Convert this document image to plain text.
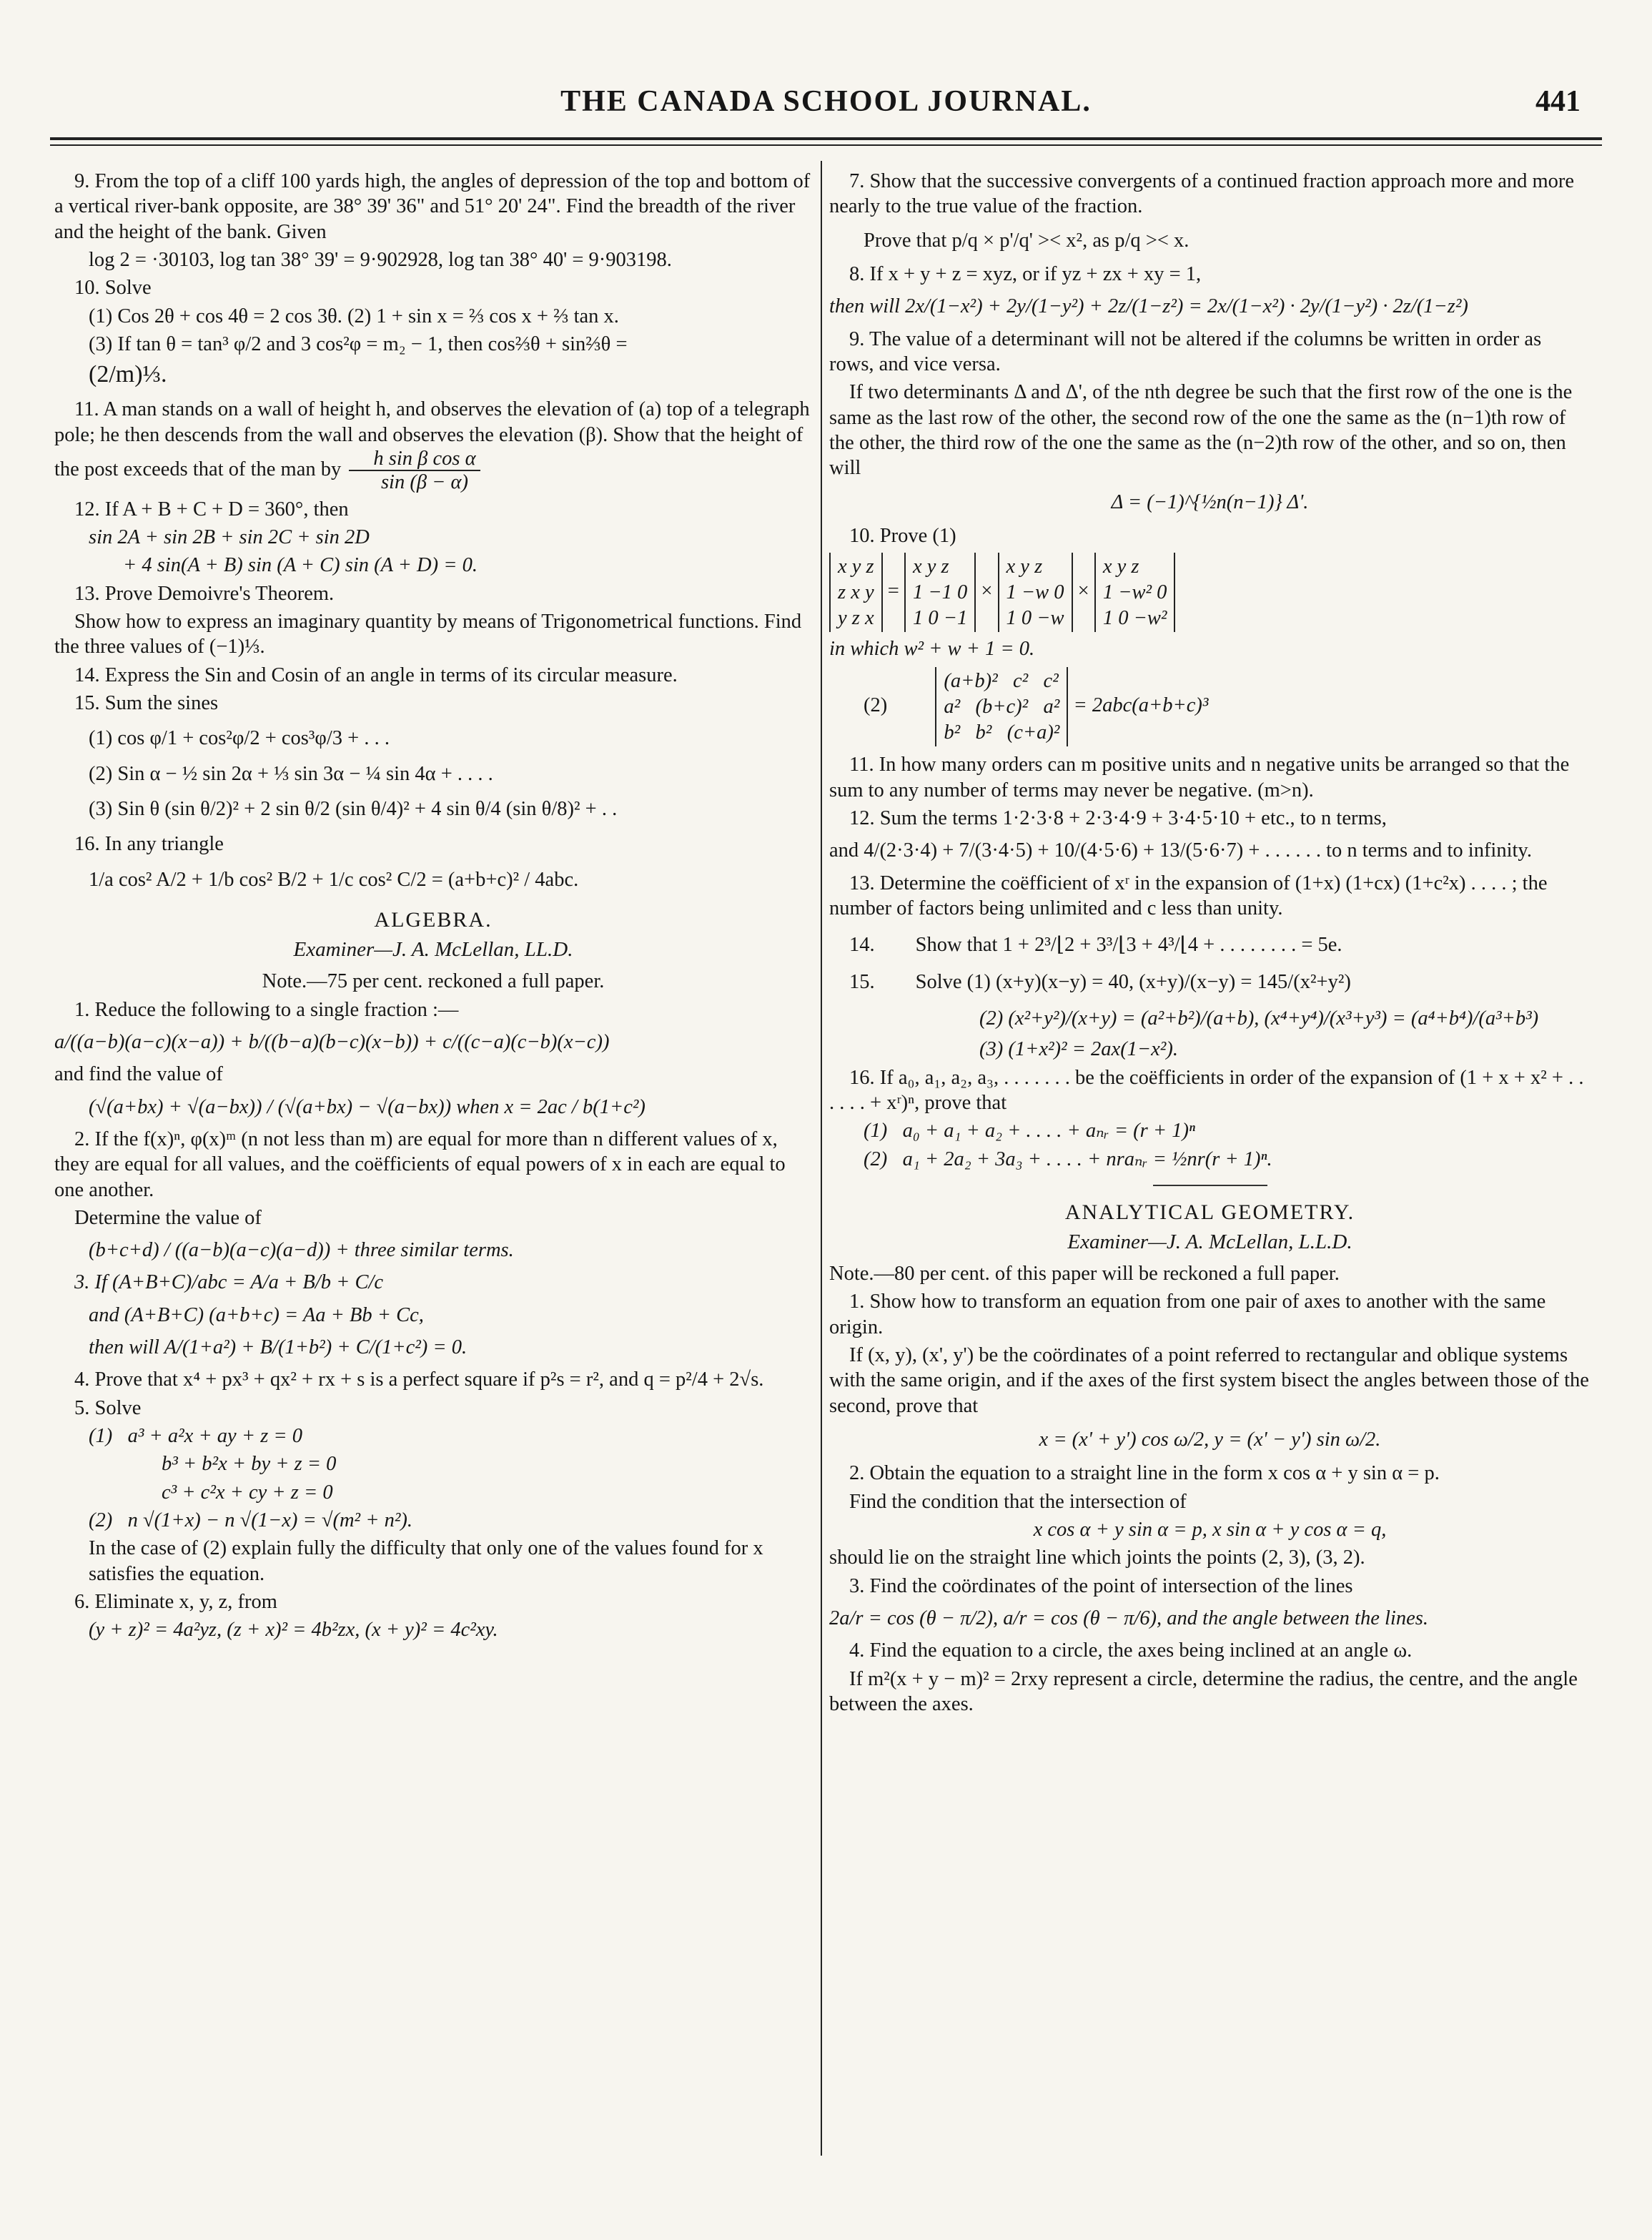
THE CANADA SCHOOL JOURNAL.	441

9. From the top of a cliff 100 yards high, the angles of depression of the top and bottom of a vertical river-bank opposite, are 38° 39' 36" and 51° 20' 24". Find the breadth of the river and the height of the bank. Given

log 2 = ·30103, log tan 38° 39' = 9·902928, log tan 38° 40' = 9·903198.

10. Solve

(1) Cos 2θ + cos 4θ = 2 cos 3θ. (2) 1 + sin x = ⅔ cos x + ⅔ tan x.

(3) If tan θ = tan³ φ/2 and 3 cos²φ = m₂ − 1, then cos⅔θ + sin⅔θ =

(2/m)⅓.

11. A man stands on a wall of height h, and observes the elevation of (a) top of a telegraph pole; he then descends from the wall and observes the elevation (β). Show that the height of the post exceeds that of the man by $\frac{\text{h sin β cos α}}{\sin (\beta - \alpha)}$

12. If A + B + C + D = 360°, then

sin 2A + sin 2B + sin 2C + sin 2D

+ 4 sin(A + B) sin (A + C) sin (A + D) = 0.

13. Prove Demoivre's Theorem.

Show how to express an imaginary quantity by means of Trigonometrical functions. Find the three values of (−1)⅓.

14. Express the Sin and Cosin of an angle in terms of its circular measure.

15. Sum the sines

(1) cos φ/1 + cos²φ/2 + cos³φ/3 + . . .

(2) Sin α − ½ sin 2α + ⅓ sin 3α − ¼ sin 4α + . . . .

(3) Sin θ (sin θ/2)² + 2 sin θ/2 (sin θ/4)² + 4 sin θ/4 (sin θ/8)² + . .

16. In any triangle

1/a cos² A/2 + 1/b cos² B/2 + 1/c cos² C/2 = (a+b+c)² / 4abc.

ALGEBRA.
Examiner—J. A. McLellan, LL.D.

Note.—75 per cent. reckoned a full paper.

1. Reduce the following to a single fraction :—

a/((a−b)(a−c)(x−a)) + b/((b−a)(b−c)(x−b)) + c/((c−a)(c−b)(x−c))

and find the value of

(√(a+bx) + √(a−bx)) / (√(a+bx) − √(a−bx)) when x = 2ac / b(1+c²)

2. If the f(x)ⁿ, φ(x)ᵐ (n not less than m) are equal for more than n different values of x, they are equal for all values, and the coëfficients of equal powers of x in each are equal to one another.

Determine the value of

(b+c+d) / ((a−b)(a−c)(a−d)) + three similar terms.

3. If (A+B+C)/abc = A/a + B/b + C/c

and (A+B+C) (a+b+c) = Aa + Bb + Cc,

then will A/(1+a²) + B/(1+b²) + C/(1+c²) = 0.

4. Prove that x⁴ + px³ + qx² + rx + s is a perfect square if p²s = r², and q = p²/4 + 2√s.

5. Solve

(1)   a³ + a²x + ay + z = 0

b³ + b²x + by + z = 0

c³ + c²x + cy + z = 0

(2)   n √(1+x) − n √(1−x) = √(m² + n²).

In the case of (2) explain fully the difficulty that only one of the values found for x satisfies the equation.

6. Eliminate x, y, z, from

(y + z)² = 4a²yz, (z + x)² = 4b²zx, (x + y)² = 4c²xy.

7. Show that the successive convergents of a continued fraction approach more and more nearly to the true value of the fraction.

Prove that p/q × p'/q' >< x², as p/q >< x.

8. If x + y + z = xyz, or if yz + zx + xy = 1,

then will 2x/(1−x²) + 2y/(1−y²) + 2z/(1−z²) = 2x/(1−x²) · 2y/(1−y²) · 2z/(1−z²)

9. The value of a determinant will not be altered if the columns be written in order as rows, and vice versa.

If two determinants Δ and Δ', of the nth degree be such that the first row of the one is the same as the last row of the other, the second row of the one the same as the (n−1)th row of the other, the third row of the one the same as the (n−2)th row of the other, and so on, then will

Δ = (−1)^{½n(n−1)} Δ'.

10. Prove (1)

x y z
z x y
y z x
=
x y z
1 −1 0
1 0 −1
×
x y z
1 −w 0
1 0 −w
×
x y z
1 −w² 0
1 0 −w²

in which w² + w + 1 = 0.

(2)
(a+b)²   c²   c²
a²   (b+c)²   a²
b²   b²   (c+a)²
= 2abc(a+b+c)³

11. In how many orders can m positive units and n negative units be arranged so that the sum to any number of terms may never be negative. (m>n).

12. Sum the terms 1·2·3·8 + 2·3·4·9 + 3·4·5·10 + etc., to n terms,

and 4/(2·3·4) + 7/(3·4·5) + 10/(4·5·6) + 13/(5·6·7) + . . . . . . to n terms and to infinity.

13. Determine the coëfficient of xʳ in the expansion of (1+x) (1+cx) (1+c²x) . . . . ; the number of factors being unlimited and c less than unity.

14.        Show that 1 + 2³/⌊2 + 3³/⌊3 + 4³/⌊4 + . . . . . . . . = 5e.

15.        Solve (1) (x+y)(x−y) = 40, (x+y)/(x−y) = 145/(x²+y²)

(2) (x²+y²)/(x+y) = (a²+b²)/(a+b), (x⁴+y⁴)/(x³+y³) = (a⁴+b⁴)/(a³+b³)

(3) (1+x²)² = 2ax(1−x²).

16. If a₀, a₁, a₂, a₃, . . . . . . . be the coëfficients in order of the expansion of (1 + x + x² + . . . . . . + xʳ)ⁿ, prove that

(1)   a₀ + a₁ + a₂ + . . . . + aₙᵣ = (r + 1)ⁿ

(2)   a₁ + 2a₂ + 3a₃ + . . . . + nraₙᵣ = ½nr(r + 1)ⁿ.

ANALYTICAL GEOMETRY.
Examiner—J. A. McLellan, L.L.D.

Note.—80 per cent. of this paper will be reckoned a full paper.

1. Show how to transform an equation from one pair of axes to another with the same origin.

If (x, y), (x', y') be the coördinates of a point referred to rectangular and oblique systems with the same origin, and if the axes of the first system bisect the angles between those of the second, prove that

x = (x' + y') cos ω/2, y = (x' − y') sin ω/2.

2. Obtain the equation to a straight line in the form x cos α + y sin α = p.

Find the condition that the intersection of

x cos α + y sin α = p, x sin α + y cos α = q,

should lie on the straight line which joints the points (2, 3), (3, 2).

3. Find the coördinates of the point of intersection of the lines

2a/r = cos (θ − π/2), a/r = cos (θ − π/6), and the angle between the lines.

4. Find the equation to a circle, the axes being inclined at an angle ω.

If m²(x + y − m)² = 2rxy represent a circle, determine the radius, the centre, and the angle between the axes.
